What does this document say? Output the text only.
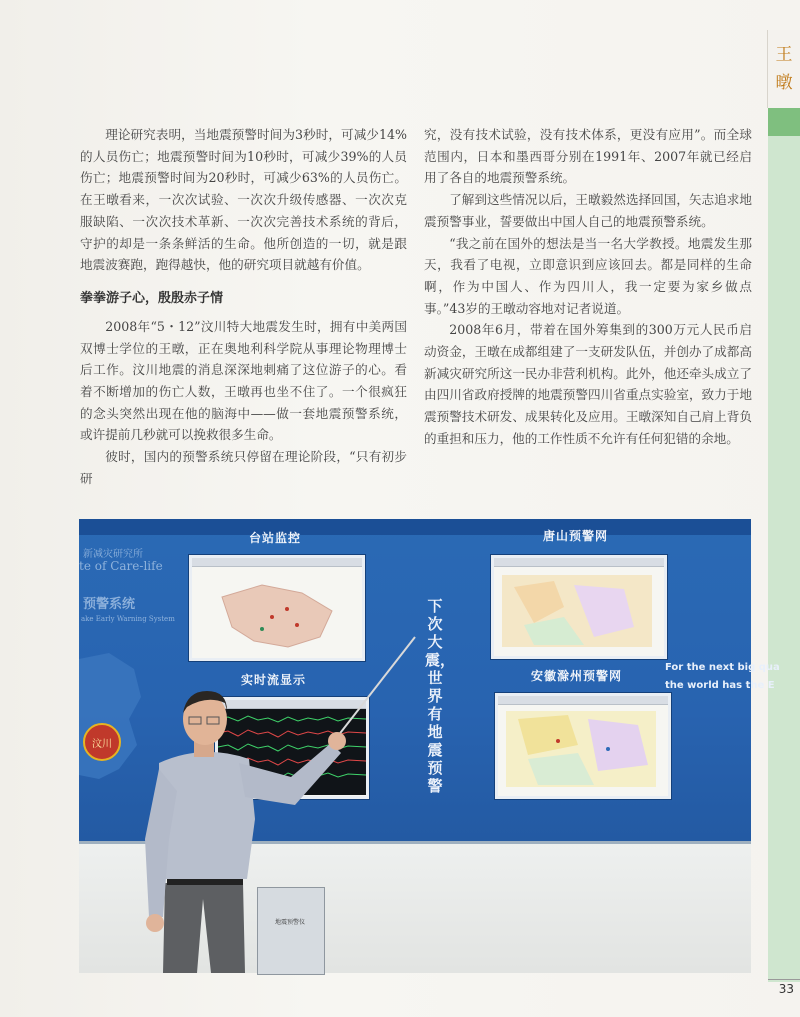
王
暾

理论研究表明，当地震预警时间为3秒时，可减少14%的人员伤亡；地震预警时间为10秒时，可减少39%的人员伤亡；地震预警时间为20秒时，可减少63%的人员伤亡。在王暾看来，一次次试验、一次次升级传感器、一次次克服缺陷、一次次技术革新、一次次完善技术系统的背后，守护的却是一条条鲜活的生命。他所创造的一切，就是跟地震波赛跑，跑得越快，他的研究项目就越有价值。

拳拳游子心，殷殷赤子情

2008年“5・12”汶川特大地震发生时，拥有中美两国双博士学位的王暾，正在奥地利科学院从事理论物理博士后工作。汶川地震的消息深深地刺痛了这位游子的心。看着不断增加的伤亡人数，王暾再也坐不住了。一个很疯狂的念头突然出现在他的脑海中——做一套地震预警系统，或许提前几秒就可以挽救很多生命。

彼时，国内的预警系统只停留在理论阶段，“只有初步研

究，没有技术试验，没有技术体系，更没有应用”。而全球范围内，日本和墨西哥分别在1991年、2007年就已经启用了各自的地震预警系统。

了解到这些情况以后，王暾毅然选择回国，矢志追求地震预警事业，誓要做出中国人自己的地震预警系统。

“我之前在国外的想法是当一名大学教授。地震发生那天，我看了电视，立即意识到应该回去。都是同样的生命啊，作为中国人、作为四川人，我一定要为家乡做点事。”43岁的王暾动容地对记者说道。

2008年6月，带着在国外筹集到的300万元人民币启动资金，王暾在成都组建了一支研发队伍，并创办了成都高新减灾研究所这一民办非营利机构。此外，他还牵头成立了由四川省政府授牌的地震预警四川省重点实验室，致力于地震预警技术研发、成果转化及应用。王暾深知自己肩上背负的重担和压力，他的工作性质不允许有任何犯错的余地。

新减灾研究所
te of Care-life
预警系统
ake Early Warning System
汶川
台站监控	唐山预警网
实时流显示	安徽滁州预警网
下次大震，世界有地震预警
For the next big qua
the world has the E
地震预警仪
33
